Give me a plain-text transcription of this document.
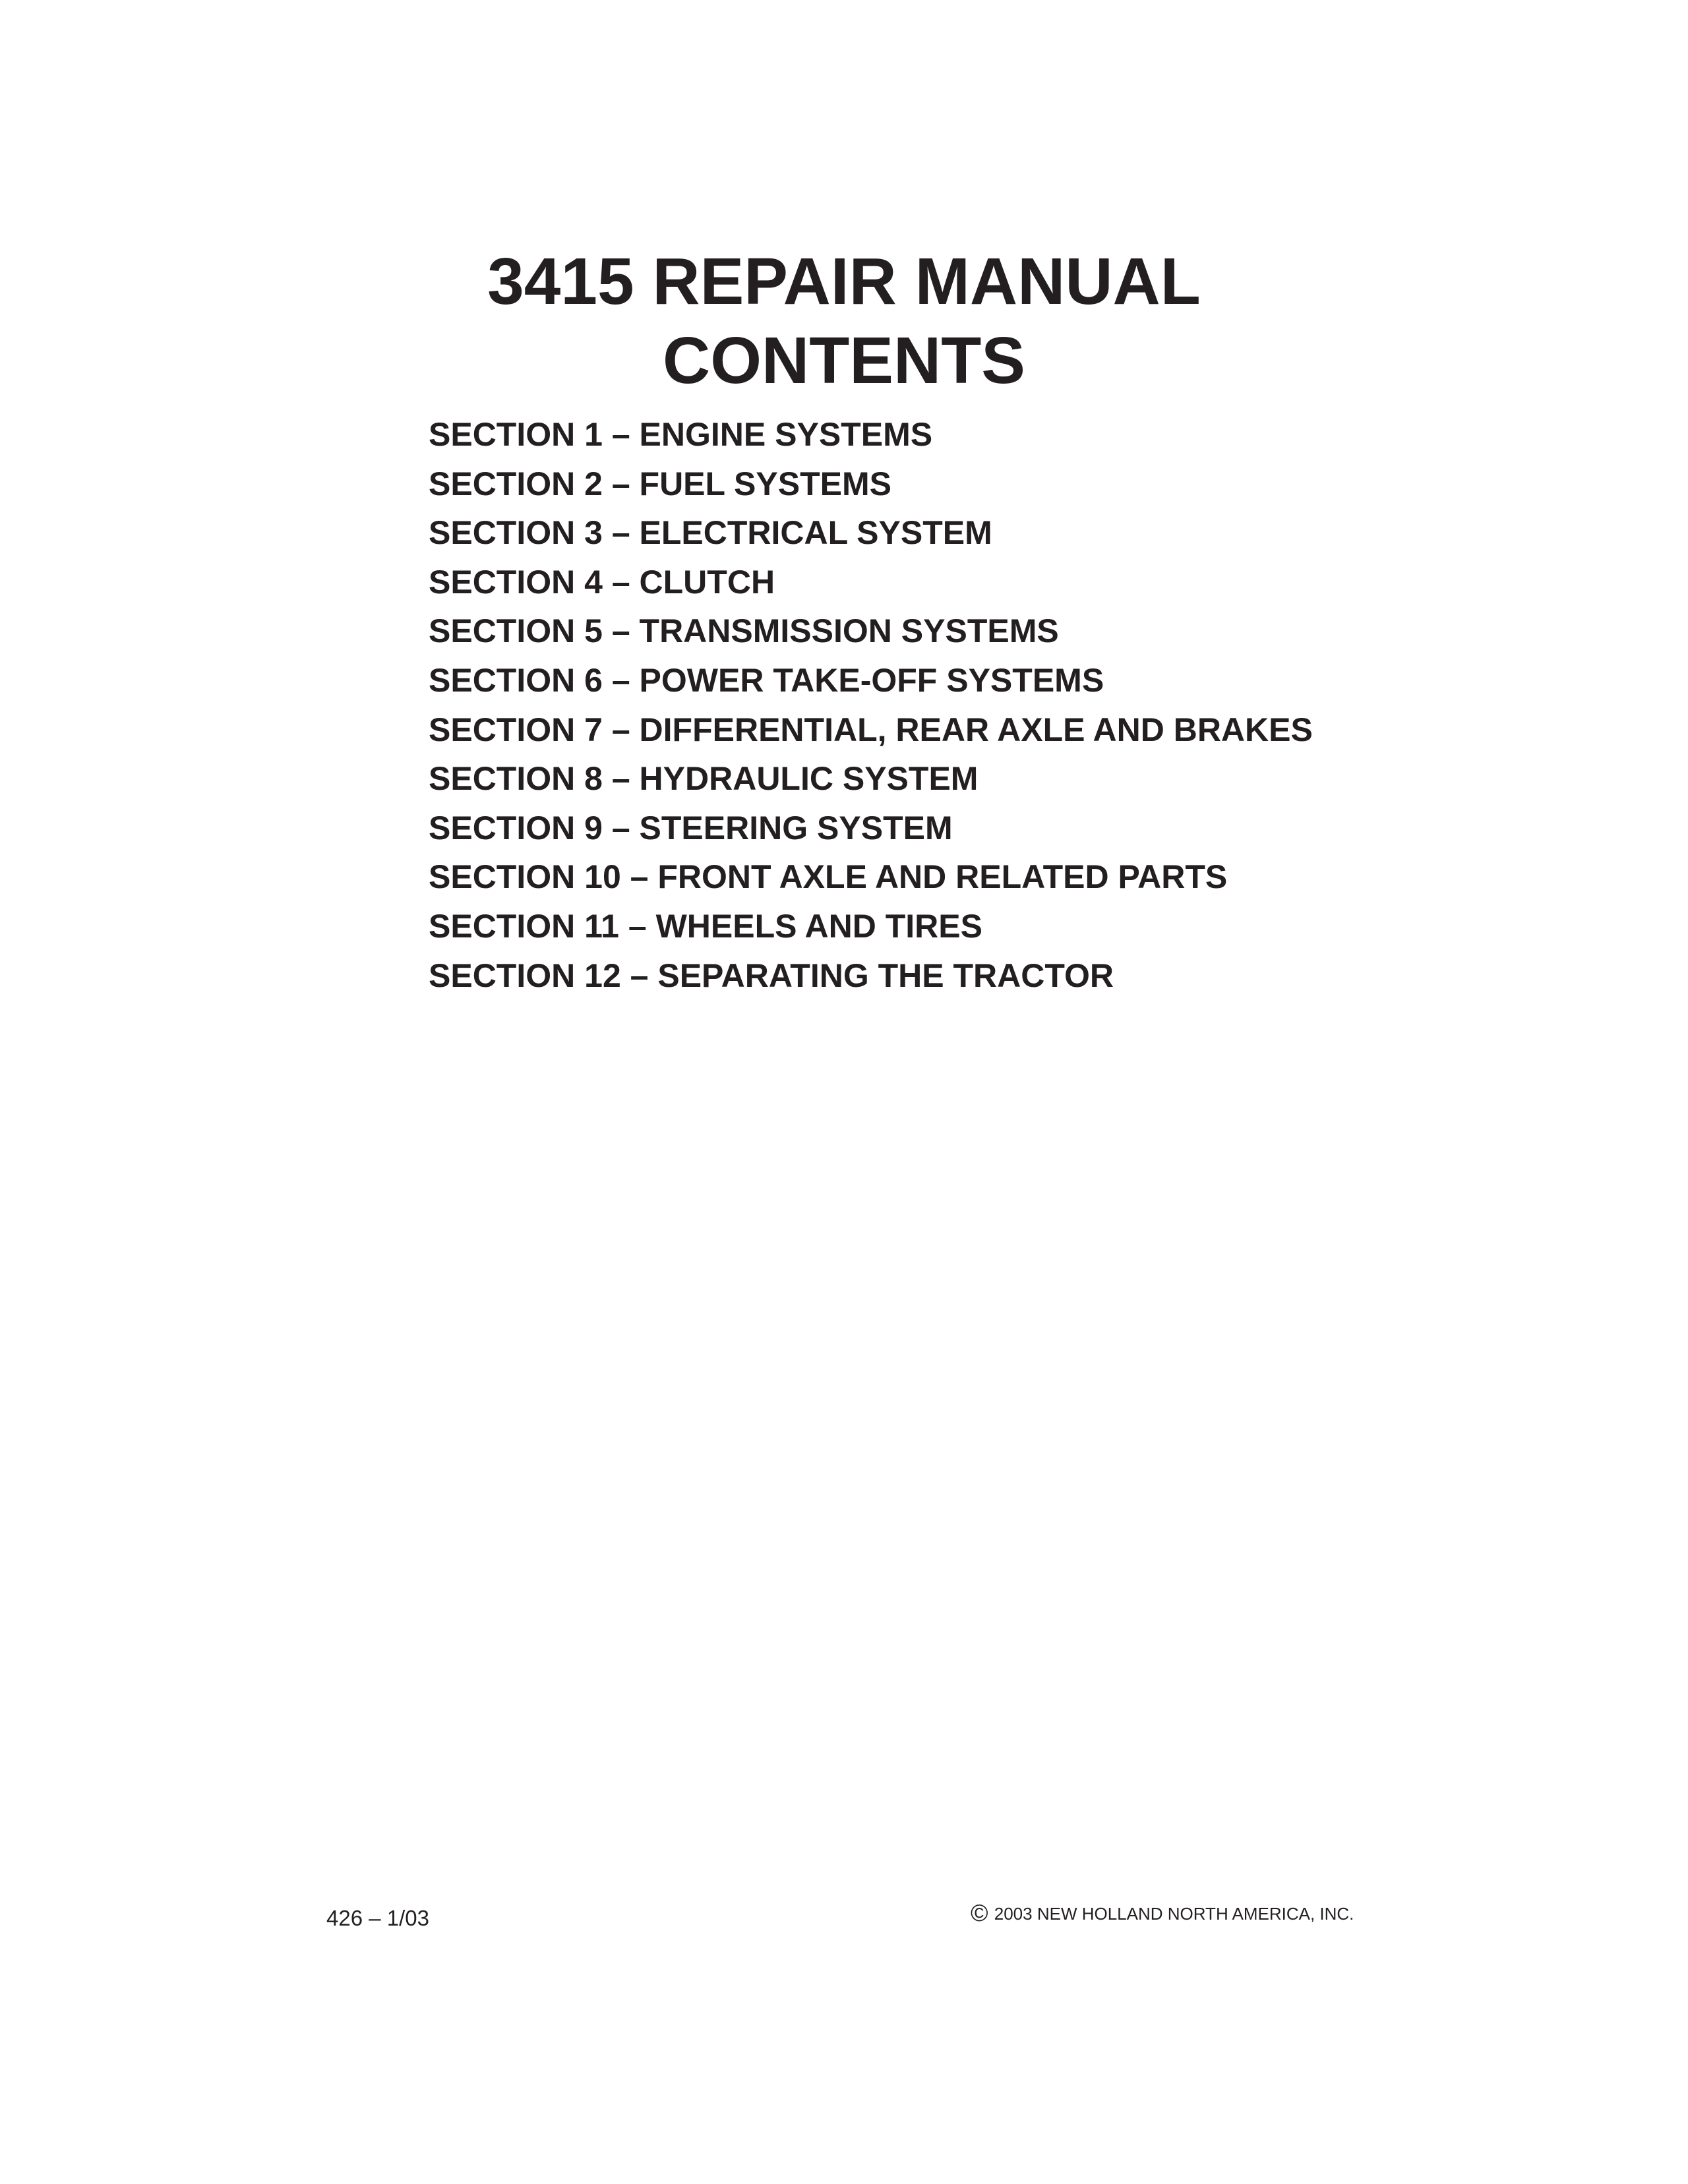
3415 REPAIR MANUAL
CONTENTS
SECTION 1 – ENGINE SYSTEMS
SECTION 2 – FUEL SYSTEMS
SECTION 3 – ELECTRICAL SYSTEM
SECTION 4 – CLUTCH
SECTION 5 – TRANSMISSION SYSTEMS
SECTION 6 – POWER TAKE-OFF SYSTEMS
SECTION 7 – DIFFERENTIAL, REAR AXLE AND BRAKES
SECTION 8 – HYDRAULIC SYSTEM
SECTION 9 – STEERING SYSTEM
SECTION 10 – FRONT AXLE AND RELATED PARTS
SECTION 11 – WHEELS AND TIRES
SECTION 12 – SEPARATING THE TRACTOR
426 – 1/03	© 2003 NEW HOLLAND NORTH AMERICA, INC.
